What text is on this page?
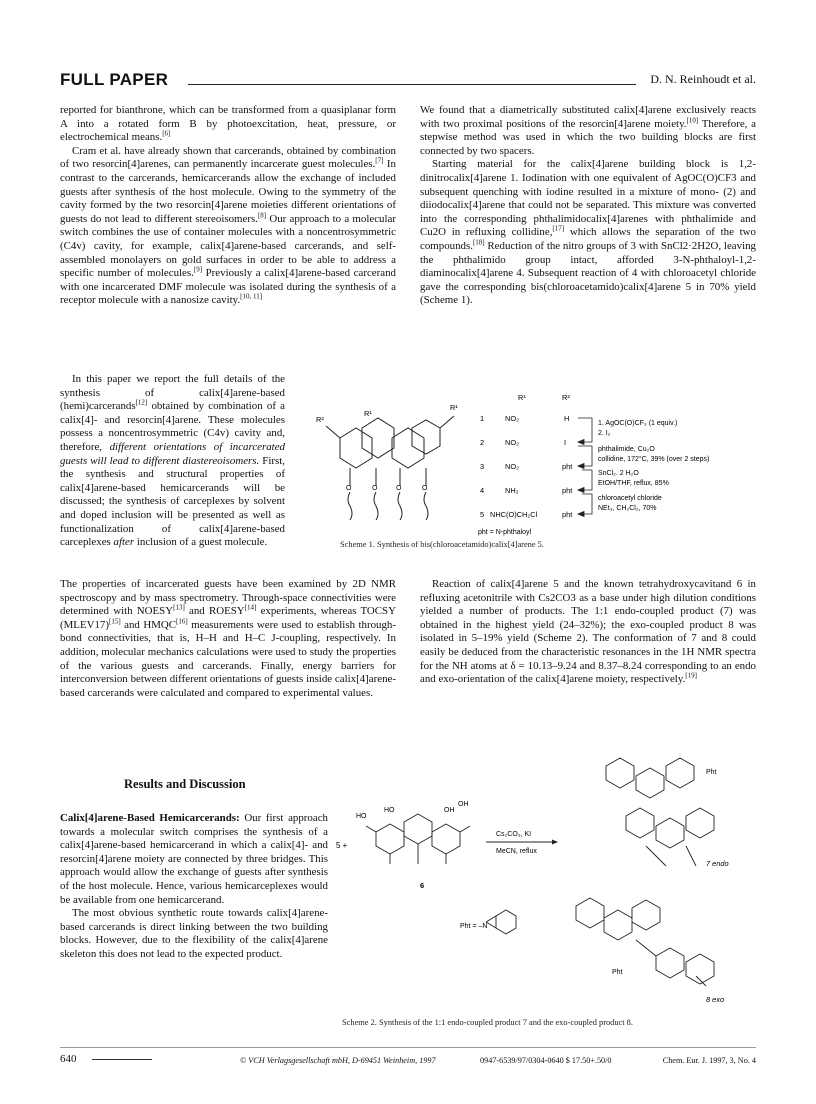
FULL PAPER	D. N. Reinhoudt et al.

reported for bianthrone, which can be transformed from a quasiplanar form A into a rotated form B by photoexcitation, heat, pressure, or electrochemical means.[6]

Cram et al. have already shown that carcerands, obtained by combination of two resorcin[4]arenes, can permanently incarcerate guest molecules.[7] In contrast to the carcerands, hemicarcerands allow the exchange of included guests after synthesis of the host molecule. Owing to the symmetry of the cavity formed by the two resorcin[4]arene moieties different orientations of guests do not lead to different stereoisomers.[8] Our approach to a molecular switch combines the use of container molecules with a noncentrosymmetric (C4v) cavity, for example, calix[4]arene-based carcerands, and self-assembled monolayers on gold surfaces in order to be able to address a specific number of molecules.[9] Previously a calix[4]arene-based carcerand with one incarcerated DMF molecule was isolated during the synthesis of a receptor molecule with a nanosize cavity.[10, 11]

In this paper we report the full details of the synthesis of calix[4]arene-based (hemi)carcerands[12] obtained by combination of a calix[4]- and resorcin[4]arene. These molecules possess a noncentrosymmetric (C4v) cavity and, therefore, different orientations of incarcerated guests will lead to different diastereoisomers. First, the synthesis and structural properties of calix[4]arene-based hemicarcerands will be discussed; the synthesis of carceplexes by solvent and doped inclusion will be presented as well as functionalization of calix[4]arene-based carceplexes after inclusion of a guest molecule.

The properties of incarcerated guests have been examined by 2D NMR spectroscopy and by mass spectrometry. Through-space connectivities were determined with NOESY[13] and ROESY[14] experiments, whereas TOCSY (MLEV17)[15] and HMQC[16] measurements were used to establish through-bond connectivities, that is, H–H and H–C J-coupling, respectively. In addition, molecular mechanics calculations were used to study the properties of the various guests and carcerands. Finally, energy barriers for interconversion between different orientations of guests inside calix[4]arene-based carcerands were calculated and compared to experimental values.

Results and Discussion

Calix[4]arene-Based Hemicarcerands: Our first approach towards a molecular switch comprises the synthesis of a calix[4]arene-based hemicarcerand in which a calix[4]- and resorcin[4]arene moiety are connected by three bridges. This approach would allow the exchange of guests after synthesis of the host molecule. Hence, various hemicarceplexes would be available from one hemicarcerand.

The most obvious synthetic route towards calix[4]arene-based carcerands is direct linking between the two building blocks. However, due to the flexibility of the calix[4]arene skeleton this does not lead to the expected product.

We found that a diametrically substituted calix[4]arene exclusively reacts with two proximal positions of the resorcin[4]arene moiety.[10] Therefore, a stepwise method was used in which the two building blocks are first connected by two spacers.

Starting material for the calix[4]arene building block is 1,2-dinitrocalix[4]arene 1. Iodination with one equivalent of AgOC(O)CF3 and subsequent quenching with iodine resulted in a mixture of mono- (2) and diiodocalix[4]arene that could not be separated. This mixture was converted into the corresponding phthalimidocalix[4]arenes with phthalimide and Cu2O in refluxing collidine,[17] which allows the separation of the two compounds.[18] Reduction of the nitro groups of 3 with SnCl2·2H2O, leaving the phthalimido group intact, afforded 3-N-phthaloyl-1,2-diaminocalix[4]arene 4. Subsequent reaction of 4 with chloroacetyl chloride gave the corresponding bis(chloroacetamido)calix[4]arene 5 in 70% yield (Scheme 1).

R²
R¹
R¹
O	O	O	O
R¹	R²
1	NO₂	H
2	NO₂	I
3	NO₂	pht
4	NH₂	pht
5 NHC(O)CH₂Cl	pht
1. AgOC(O)CF₃ (1 equiv.)
2. I₂
phthalimide, Cu₂O
collidine, 172°C, 39% (over 2 steps)
SnCl₂. 2 H₂O
EtOH/THF, reflux, 85%
chloroacetyl chloride
NEt₃, CH₂Cl₂, 70%
pht = N-phthaloyl
Scheme 1. Synthesis of bis(chloroacetamido)calix[4]arene 5.

Reaction of calix[4]arene 5 and the known tetrahydroxycavitand 6 in refluxing acetonitrile with Cs2CO3 as a base under high dilution conditions yielded a number of products. The 1:1 endo-coupled product (7) was obtained in the highest yield (24–32%); the exo-coupled product 8 was isolated in 5–19% yield (Scheme 2). The conformation of 7 and 8 could easily be deduced from the characteristic resonances in the 1H NMR spectra for the NH atoms at δ = 10.13–9.24 and 8.37–8.24 corresponding to an endo and exo-orientation of the calix[4]arene moiety, respectively.[19]

HO
HO	OH
OH
5 +
6
Cs₂CO₃, KI
MeCN, reflux
Pht = –N
Pht
7 endo
Pht
8 exo
Scheme 2. Synthesis of the 1:1 endo-coupled product 7 and the exo-coupled product 8.
640	© VCH Verlagsgesellschaft mbH, D-69451 Weinheim, 1997	0947-6539/97/0304-0640 $ 17.50+.50/0	Chem. Eur. J. 1997, 3, No. 4
